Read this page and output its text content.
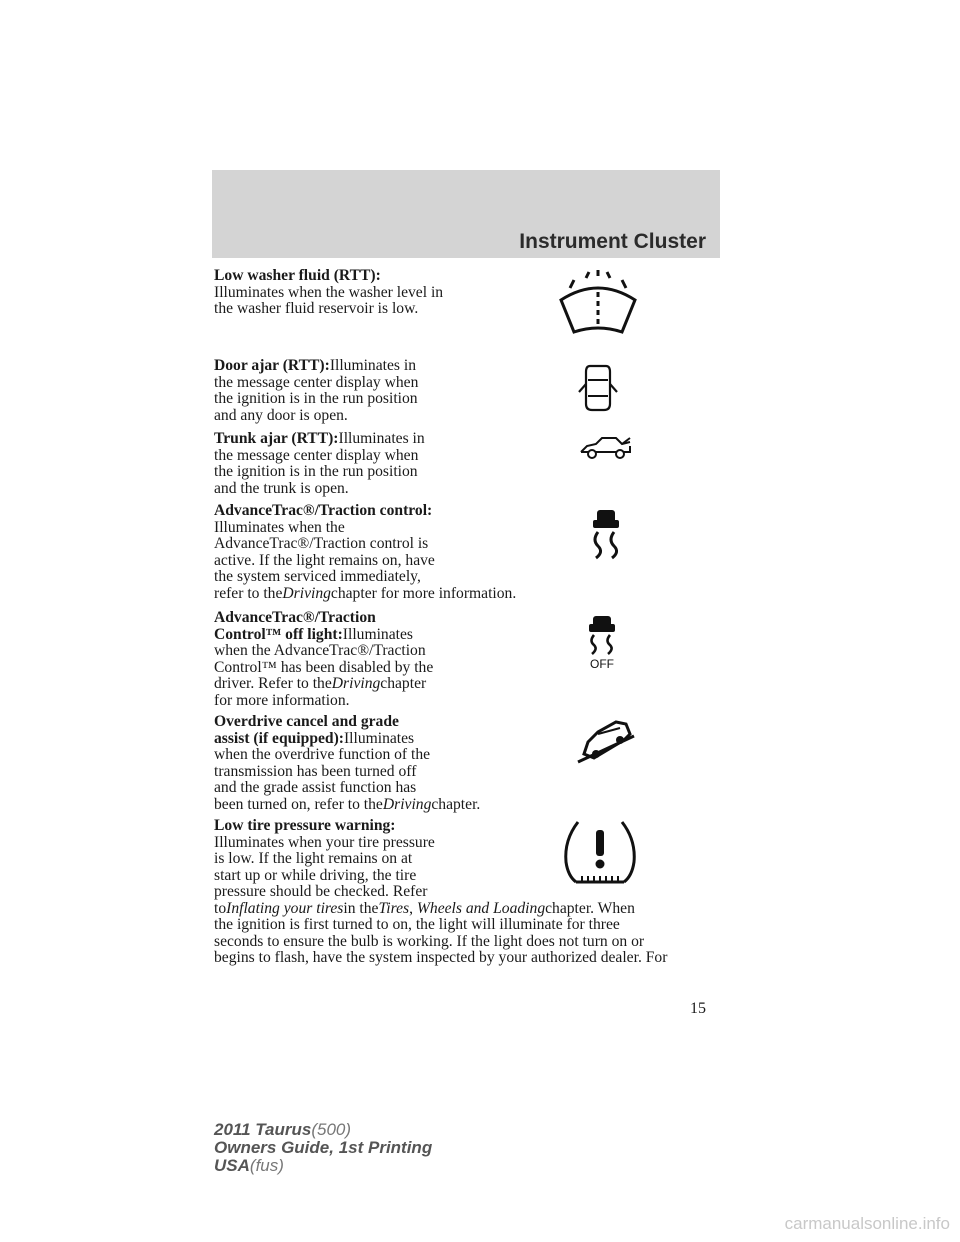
Instrument Cluster
Low washer fluid (RTT):
Illuminates when the washer level in
the washer fluid reservoir is low.
Door ajar (RTT):Illuminates in
the message center display when
the ignition is in the run position
and any door is open.
Trunk ajar (RTT):Illuminates in
the message center display when
the ignition is in the run position
and the trunk is open.
AdvanceTrac®/Traction control:
Illuminates when the
AdvanceTrac®/Traction control is
active. If the light remains on, have
the system serviced immediately,
refer to theDrivingchapter for more information.
AdvanceTrac®/Traction
Control™ off light:Illuminates
when the AdvanceTrac®/Traction
Control™ has been disabled by the
driver. Refer to theDrivingchapter
for more information.
Overdrive cancel and grade
assist (if equipped):Illuminates
when the overdrive function of the
transmission has been turned off
and the grade assist function has
been turned on, refer to theDrivingchapter.
Low tire pressure warning:
Illuminates when your tire pressure
is low. If the light remains on at
start up or while driving, the tire
pressure should be checked. Refer
toInflating your tiresin theTires, Wheels and Loadingchapter. When
the ignition is first turned to on, the light will illuminate for three
seconds to ensure the bulb is working. If the light does not turn on or
begins to flash, have the system inspected by your authorized dealer. For
OFF
15
2011 Taurus(500)
Owners Guide, 1st Printing
USA(fus)
carmanualsonline.info
